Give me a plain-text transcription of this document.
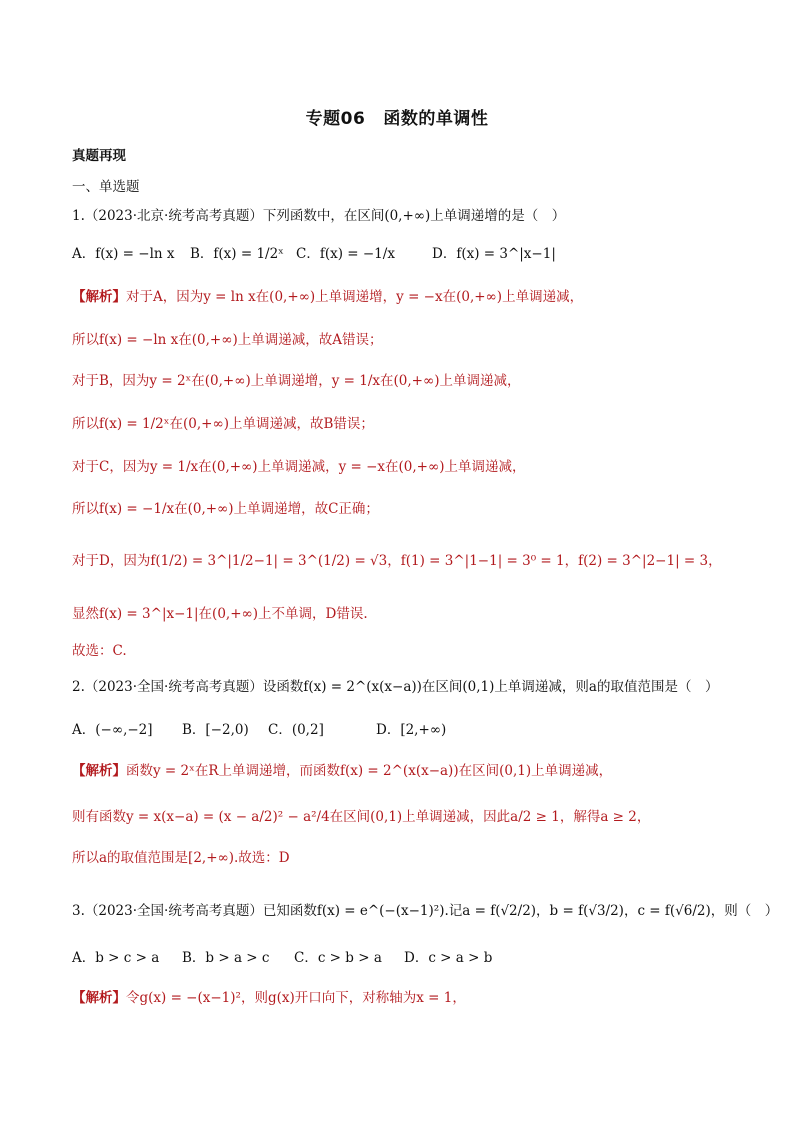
专题06 函数的单调性
真题再现
一、单选题
1.（2023·北京·统考高考真题）下列函数中，在区间(0,+∞)上单调递增的是（　）
A．f(x) = −ln x B．f(x) = 1/2ˣ C．f(x) = −1/x	D．f(x) = 3^|x−1|
【解析】对于A，因为y = ln x在(0,+∞)上单调递增，y = −x在(0,+∞)上单调递减，
所以f(x) = −ln x在(0,+∞)上单调递减，故A错误；
对于B，因为y = 2ˣ在(0,+∞)上单调递增，y = 1/x在(0,+∞)上单调递减，
所以f(x) = 1/2ˣ在(0,+∞)上单调递减，故B错误；
对于C，因为y = 1/x在(0,+∞)上单调递减，y = −x在(0,+∞)上单调递减，
所以f(x) = −1/x在(0,+∞)上单调递增，故C正确；
对于D，因为f(1/2) = 3^|1/2−1| = 3^(1/2) = √3，f(1) = 3^|1−1| = 3⁰ = 1，f(2) = 3^|2−1| = 3，
显然f(x) = 3^|x−1|在(0,+∞)上不单调，D错误.
故选：C.
2.（2023·全国·统考高考真题）设函数f(x) = 2^(x(x−a))在区间(0,1)上单调递减，则a的取值范围是（　）
A．(−∞,−2] B．[−2,0) C．(0,2]	D．[2,+∞)
【解析】函数y = 2ˣ在R上单调递增，而函数f(x) = 2^(x(x−a))在区间(0,1)上单调递减，
则有函数y = x(x−a) = (x − a/2)² − a²/4在区间(0,1)上单调递减，因此a/2 ≥ 1，解得a ≥ 2，
所以a的取值范围是[2,+∞).故选：D
3.（2023·全国·统考高考真题）已知函数f(x) = e^(−(x−1)²).记a = f(√2/2)，b = f(√3/2)，c = f(√6/2)，则（　）
A．b > c > a B．b > a > c C．c > b > a D．c > a > b
【解析】令g(x) = −(x−1)²，则g(x)开口向下，对称轴为x = 1，
